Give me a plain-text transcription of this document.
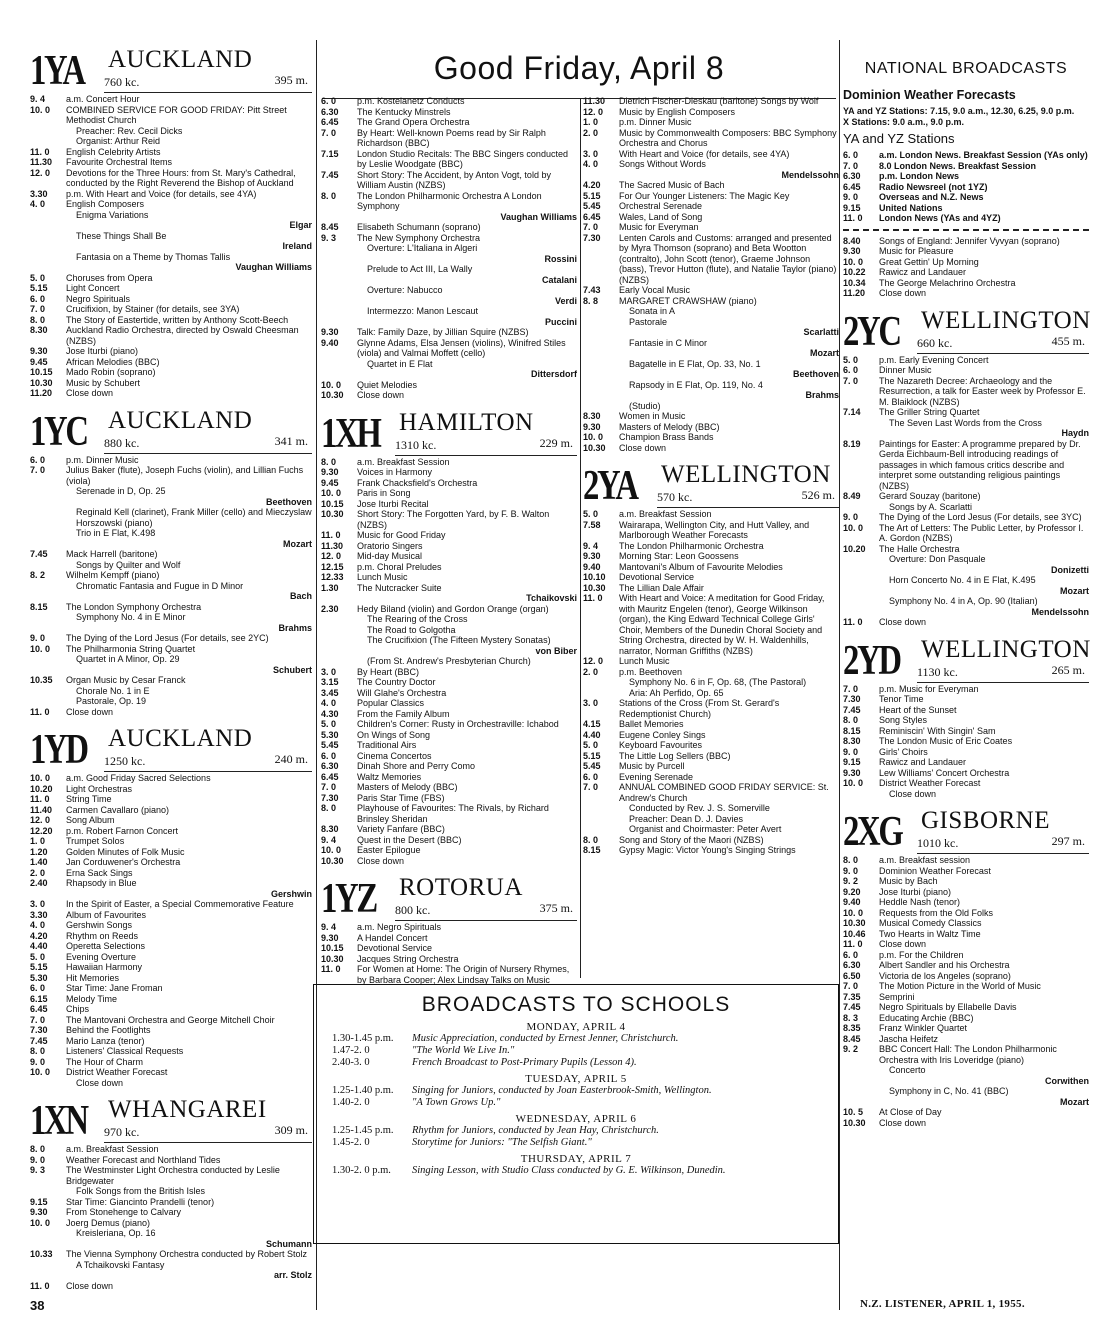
Good Friday, April 8
1YA AUCKLAND
760 kc.	395 m.
9. 4	a.m. Concert Hour
10. 0	COMBINED SERVICE FOR GOOD FRIDAY: Pitt Street Methodist Church
Preacher: Rev. Cecil Dicks
Organist: Arthur Reid
11. 0	English Celebrity Artists
11.30	Favourite Orchestral Items
12. 0	Devotions for the Three Hours: from St. Mary's Cathedral, conducted by the Right Reverend the Bishop of Auckland
3.30	p.m. With Heart and Voice (for details, see 4YA)
4. 0	English Composers
Enigma Variations
Elgar
These Things Shall Be
Ireland
Fantasia on a Theme by Thomas Tallis
Vaughan Williams
5. 0	Choruses from Opera
5.15	Light Concert
6. 0	Negro Spirituals
7. 0	Crucifixion, by Stainer (for details, see 3YA)
8. 0	The Story of Eastertide, written by Anthony Scott-Beech
8.30	Auckland Radio Orchestra, directed by Oswald Cheesman (NZBS)
9.30	Jose Iturbi (piano)
9.45	African Melodies (BBC)
10.15	Mado Robin (soprano)
10.30	Music by Schubert
11.20	Close down
1YC AUCKLAND
880 kc.	341 m.
6. 0	p.m. Dinner Music
7. 0	Julius Baker (flute), Joseph Fuchs (violin), and Lillian Fuchs (viola)
Serenade in D, Op. 25
Beethoven
Reginald Kell (clarinet), Frank Miller (cello) and Mieczyslaw Horszowski (piano)
Trio in E Flat, K.498
Mozart
7.45	Mack Harrell (baritone)
Songs by Quilter and Wolf
8. 2	Wilhelm Kempff (piano)
Chromatic Fantasia and Fugue in D Minor
Bach
8.15	The London Symphony Orchestra
Symphony No. 4 in E Minor
Brahms
9. 0	The Dying of the Lord Jesus (For details, see 2YC)
10. 0	The Philharmonia String Quartet
Quartet in A Minor, Op. 29
Schubert
10.35	Organ Music by Cesar Franck
Chorale No. 1 in E
Pastorale, Op. 19
11. 0	Close down
1YD AUCKLAND
1250 kc.	240 m.
10. 0	a.m. Good Friday Sacred Selections
10.20	Light Orchestras
11. 0	String Time
11.40	Carmen Cavallaro (piano)
12. 0	Song Album
12.20	p.m. Robert Farnon Concert
1. 0	Trumpet Solos
1.20	Golden Minutes of Folk Music
1.40	Jan Corduwener's Orchestra
2. 0	Erna Sack Sings
2.40	Rhapsody in Blue
Gershwin
3. 0	In the Spirit of Easter, a Special Commemorative Feature
3.30	Album of Favourites
4. 0	Gershwin Songs
4.20	Rhythm on Reeds
4.40	Operetta Selections
5. 0	Evening Overture
5.15	Hawaiian Harmony
5.30	Hit Memories
6. 0	Star Time: Jane Froman
6.15	Melody Time
6.45	Chips
7. 0	The Mantovani Orchestra and George Mitchell Choir
7.30	Behind the Footlights
7.45	Mario Lanza (tenor)
8. 0	Listeners' Classical Requests
9. 0	The Hour of Charm
10. 0	District Weather Forecast
Close down
1XN WHANGAREI
970 kc.	309 m.
8. 0	a.m. Breakfast Session
9. 0	Weather Forecast and Northland Tides
9. 3	The Westminster Light Orchestra conducted by Leslie Bridgewater
Folk Songs from the British Isles
9.15	Star Time: Giancinto Prandelli (tenor)
9.30	From Stonehenge to Calvary
10. 0	Joerg Demus (piano)
Kreisleriana, Op. 16
Schumann
10.33	The Vienna Symphony Orchestra conducted by Robert Stolz
A Tchaikovski Fantasy
arr. Stolz
11. 0	Close down
6. 0	p.m. Kostelanetz Conducts
6.30	The Kentucky Minstrels
6.45	The Grand Opera Orchestra
7. 0	By Heart: Well-known Poems read by Sir Ralph Richardson (BBC)
7.15	London Studio Recitals: The BBC Singers conducted by Leslie Woodgate (BBC)
7.45	Short Story: The Accident, by Anton Vogt, told by William Austin (NZBS)
8. 0	The London Philharmonic Orchestra A London Symphony
Vaughan Williams
8.45	Elisabeth Schumann (soprano)
9. 3	The New Symphony Orchestra
Overture: L'Italiana in Algeri
Rossini
Prelude to Act III, La Wally
Catalani
Overture: Nabucco
Verdi
Intermezzo: Manon Lescaut
Puccini
9.30	Talk: Family Daze, by Jillian Squire (NZBS)
9.40	Glynne Adams, Elsa Jensen (violins), Winifred Stiles (viola) and Valmai Moffett (cello)
Quartet in E Flat
Dittersdorf
10. 0	Quiet Melodies
10.30	Close down
1XH HAMILTON
1310 kc.	229 m.
8. 0	a.m. Breakfast Session
9.30	Voices in Harmony
9.45	Frank Chacksfield's Orchestra
10. 0	Paris in Song
10.15	Jose Iturbi Recital
10.30	Short Story: The Forgotten Yard, by F. B. Walton (NZBS)
11. 0	Music for Good Friday
11.30	Oratorio Singers
12. 0	Mid-day Musical
12.15	p.m. Choral Preludes
12.33	Lunch Music
1.30	The Nutcracker Suite
Tchaikovski
2.30	Hedy Biland (violin) and Gordon Orange (organ)
The Rearing of the Cross
The Road to Golgotha
The Crucifixion (The Fifteen Mystery Sonatas)
von Biber
(From St. Andrew's Presbyterian Church)
3. 0	By Heart (BBC)
3.15	The Country Doctor
3.45	Will Glahe's Orchestra
4. 0	Popular Classics
4.30	From the Family Album
5. 0	Children's Corner: Rusty in Orchestraville: Ichabod
5.30	On Wings of Song
5.45	Traditional Airs
6. 0	Cinema Concertos
6.30	Dinah Shore and Perry Como
6.45	Waltz Memories
7. 0	Masters of Melody (BBC)
7.30	Paris Star Time (FBS)
8. 0	Playhouse of Favourites: The Rivals, by Richard Brinsley Sheridan
8.30	Variety Fanfare (BBC)
9. 4	Quest in the Desert (BBC)
10. 0	Easter Epilogue
10.30	Close down
1YZ ROTORUA
800 kc.	375 m.
9. 4	a.m. Negro Spirituals
9.30	A Handel Concert
10.15	Devotional Service
10.30	Jacques String Orchestra
11. 0	For Women at Home: The Origin of Nursery Rhymes, by Barbara Cooper; Alex Lindsay Talks on Music
11.30	Dietrich Fischer-Dieskau (baritone) Songs by Wolf
12. 0	Music by English Composers
1. 0	p.m. Dinner Music
2. 0	Music by Commonwealth Composers: BBC Symphony Orchestra and Chorus
3. 0	With Heart and Voice (for details, see 4YA)
4. 0	Songs Without Words
Mendelssohn
4.20	The Sacred Music of Bach
5.15	For Our Younger Listeners: The Magic Key
5.45	Orchestral Serenade
6.45	Wales, Land of Song
7. 0	Music for Everyman
7.30	Lenten Carols and Customs: arranged and presented by Myra Thomson (soprano) and Beta Wootton (contralto), John Scott (tenor), Graeme Johnson (bass), Trevor Hutton (flute), and Natalie Taylor (piano) (NZBS)
7.43	Early Vocal Music
8. 8	MARGARET CRAWSHAW (piano)
Sonata in A
Pastorale
Scarlatti
Fantasie in C Minor
Mozart
Bagatelle in E Flat, Op. 33, No. 1
Beethoven
Rapsody in E Flat, Op. 119, No. 4
Brahms
(Studio)
8.30	Women in Music
9.30	Masters of Melody (BBC)
10. 0	Champion Brass Bands
10.30	Close down
2YA WELLINGTON
570 kc.	526 m.
5. 0	a.m. Breakfast Session
7.58	Wairarapa, Wellington City, and Hutt Valley, and Marlborough Weather Forecasts
9. 4	The London Philharmonic Orchestra
9.30	Morning Star: Leon Goossens
9.40	Mantovani's Album of Favourite Melodies
10.10	Devotional Service
10.30	The Lillian Dale Affair
11. 0	With Heart and Voice: A meditation for Good Friday, with Mauritz Engelen (tenor), George Wilkinson (organ), the King Edward Technical College Girls' Choir, Members of the Dunedin Choral Society and String Orchestra, directed by W. H. Waldenhills, narrator, Norman Griffiths (NZBS)
12. 0	Lunch Music
2. 0	p.m. Beethoven
Symphony No. 6 in F, Op. 68, (The Pastoral)
Aria: Ah Perfido, Op. 65
3. 0	Stations of the Cross (From St. Gerard's Redemptionist Church)
4.15	Ballet Memories
4.40	Eugene Conley Sings
5. 0	Keyboard Favourites
5.15	The Little Log Sellers (BBC)
5.45	Music by Purcell
6. 0	Evening Serenade
7. 0	ANNUAL COMBINED GOOD FRIDAY SERVICE: St. Andrew's Church
Conducted by Rev. J. S. Somerville
Preacher: Dean D. J. Davies
Organist and Choirmaster: Peter Avert
8. 0	Song and Story of the Maori (NZBS)
8.15	Gypsy Magic: Victor Young's Singing Strings
NATIONAL BROADCASTS
Dominion Weather Forecasts
YA and YZ Stations: 7.15, 9.0 a.m., 12.30, 6.25, 9.0 p.m.
X Stations: 9.0 a.m., 9.0 p.m.
YA and YZ Stations
6. 0	a.m. London News. Breakfast Session (YAs only)
7. 0	8.0 London News. Breakfast Session
6.30	p.m. London News
6.45	Radio Newsreel (not 1YZ)
9. 0	Overseas and N.Z. News
9.15	United Nations
11. 0	London News (YAs and 4YZ)
8.40	Songs of England: Jennifer Vyvyan (soprano)
9.30	Music for Pleasure
10. 0	Great Gettin' Up Morning
10.22	Rawicz and Landauer
10.34	The George Melachrino Orchestra
11.20	Close down
2YC WELLINGTON
660 kc.	455 m.
5. 0	p.m. Early Evening Concert
6. 0	Dinner Music
7. 0	The Nazareth Decree: Archaeology and the Resurrection, a talk for Easter week by Professor E. M. Blaiklock (NZBS)
7.14	The Griller String Quartet
The Seven Last Words from the Cross
Haydn
8.19	Paintings for Easter: A programme prepared by Dr. Gerda Eichbaum-Bell introducing readings of passages in which famous critics describe and interpret some outstanding religious paintings (NZBS)
8.49	Gerard Souzay (baritone)
Songs by A. Scarlatti
9. 0	The Dying of the Lord Jesus (For details, see 3YC)
10. 0	The Art of Letters: The Public Letter, by Professor I. A. Gordon (NZBS)
10.20	The Halle Orchestra
Overture: Don Pasquale
Donizetti
Horn Concerto No. 4 in E Flat, K.495
Mozart
Symphony No. 4 in A, Op. 90 (Italian)
Mendelssohn
11. 0	Close down
2YD WELLINGTON
1130 kc.	265 m.
7. 0	p.m. Music for Everyman
7.30	Tenor Time
7.45	Heart of the Sunset
8. 0	Song Styles
8.15	Reminiscin' With Singin' Sam
8.30	The London Music of Eric Coates
9. 0	Girls' Choirs
9.15	Rawicz and Landauer
9.30	Lew Williams' Concert Orchestra
10. 0	District Weather Forecast
Close down
2XG GISBORNE
1010 kc.	297 m.
8. 0	a.m. Breakfast session
9. 0	Dominion Weather Forecast
9. 2	Music by Bach
9.20	Jose Iturbi (piano)
9.40	Heddle Nash (tenor)
10. 0	Requests from the Old Folks
10.30	Musical Comedy Classics
10.46	Two Hearts in Waltz Time
11. 0	Close down
6. 0	p.m. For the Children
6.30	Albert Sandler and his Orchestra
6.50	Victoria de los Angeles (soprano)
7. 0	The Motion Picture in the World of Music
7.35	Semprini
7.45	Negro Spirituals by Ellabelle Davis
8. 3	Educating Archie (BBC)
8.35	Franz Winkler Quartet
8.45	Jascha Heifetz
9. 2	BBC Concert Hall: The London Philharmonic Orchestra with Iris Loveridge (piano)
Concerto
Corwithen
Symphony in C, No. 41 (BBC)
Mozart
10. 5	At Close of Day
10.30	Close down
BROADCASTS TO SCHOOLS
MONDAY, APRIL 4
1.30-1.45 p.m.	Music Appreciation, conducted by Ernest Jenner, Christchurch.
1.47-2. 0	"The World We Live In."
2.40-3. 0	French Broadcast to Post-Primary Pupils (Lesson 4).
TUESDAY, APRIL 5
1.25-1.40 p.m.	Singing for Juniors, conducted by Joan Easterbrook-Smith, Wellington.
1.40-2. 0	"A Town Grows Up."
WEDNESDAY, APRIL 6
1.25-1.45 p.m.	Rhythm for Juniors, conducted by Jean Hay, Christchurch.
1.45-2. 0	Storytime for Juniors: "The Selfish Giant."
THURSDAY, APRIL 7
1.30-2. 0 p.m.	Singing Lesson, with Studio Class conducted by G. E. Wilkinson, Dunedin.
38	N.Z. LISTENER, APRIL 1, 1955.
